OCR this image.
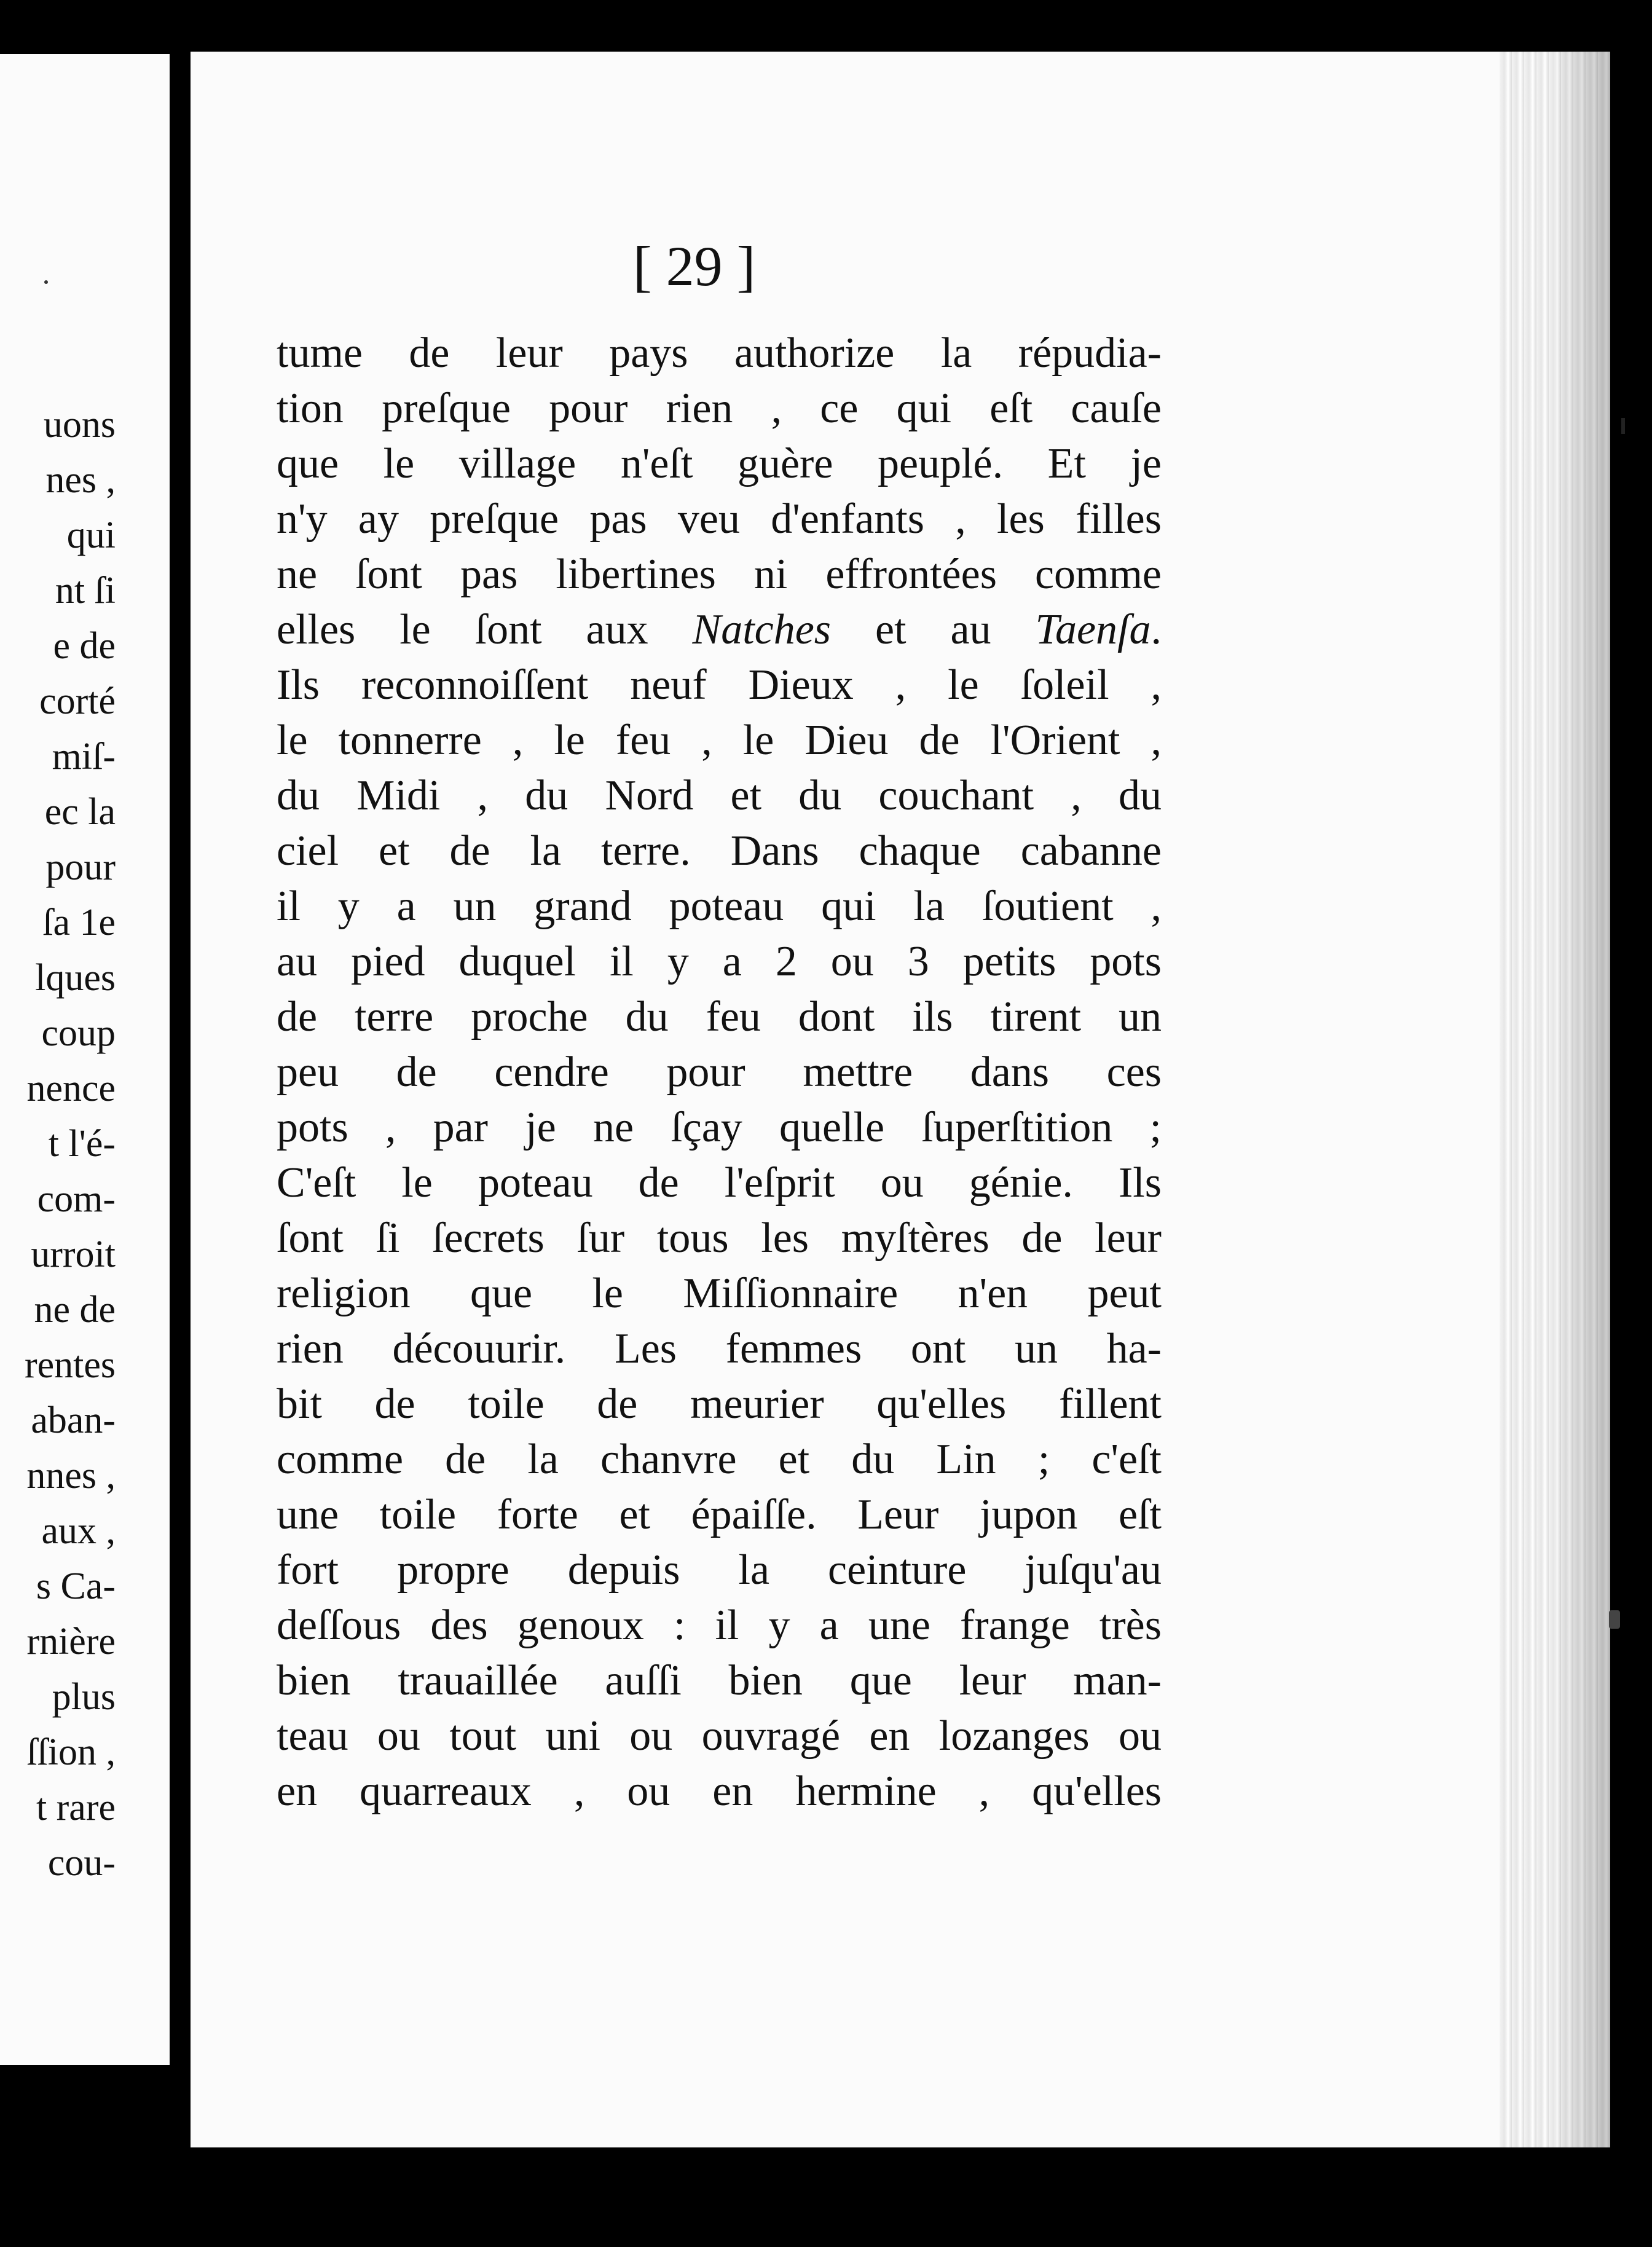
uons
nes ,
qui
nt ſi
e de
corté
miſ-
ec la
pour
ſa 1e
lques
coup
nence
t l'é-
com-
urroit
ne de
rentes
aban-
nnes ,
aux ,
s Ca-
rnière
plus
ſſion ,
t rare
cou-
[ 29 ]
tume de leur pays authorize la répudia-
tion preſque pour rien , ce qui eſt cauſe
que le village n'eſt guère peuplé. Et je
n'y ay preſque pas veu d'enfants , les filles
ne ſont pas libertines ni effrontées comme
elles le ſont aux Natches et au Taenſa.
Ils reconnoiſſent neuf Dieux , le ſoleil ,
le tonnerre , le feu , le Dieu de l'Orient ,
du Midi , du Nord et du couchant , du
ciel et de la terre. Dans chaque cabanne
il y a un grand poteau qui la ſoutient ,
au pied duquel il y a 2 ou 3 petits pots
de terre proche du feu dont ils tirent un
peu de cendre pour mettre dans ces
pots , par je ne ſçay quelle ſuperſtition ;
C'eſt le poteau de l'eſprit ou génie. Ils
ſont ſi ſecrets ſur tous les myſtères de leur
religion que le Miſſionnaire n'en peut
rien découurir. Les femmes ont un ha-
bit de toile de meurier qu'elles fillent
comme de la chanvre et du Lin ; c'eſt
une toile forte et épaiſſe. Leur jupon eſt
fort propre depuis la ceinture juſqu'au
deſſous des genoux : il y a une frange très
bien trauaillée auſſi bien que leur man-
teau ou tout uni ou ouvragé en lozanges ou
en quarreaux , ou en hermine , qu'elles
